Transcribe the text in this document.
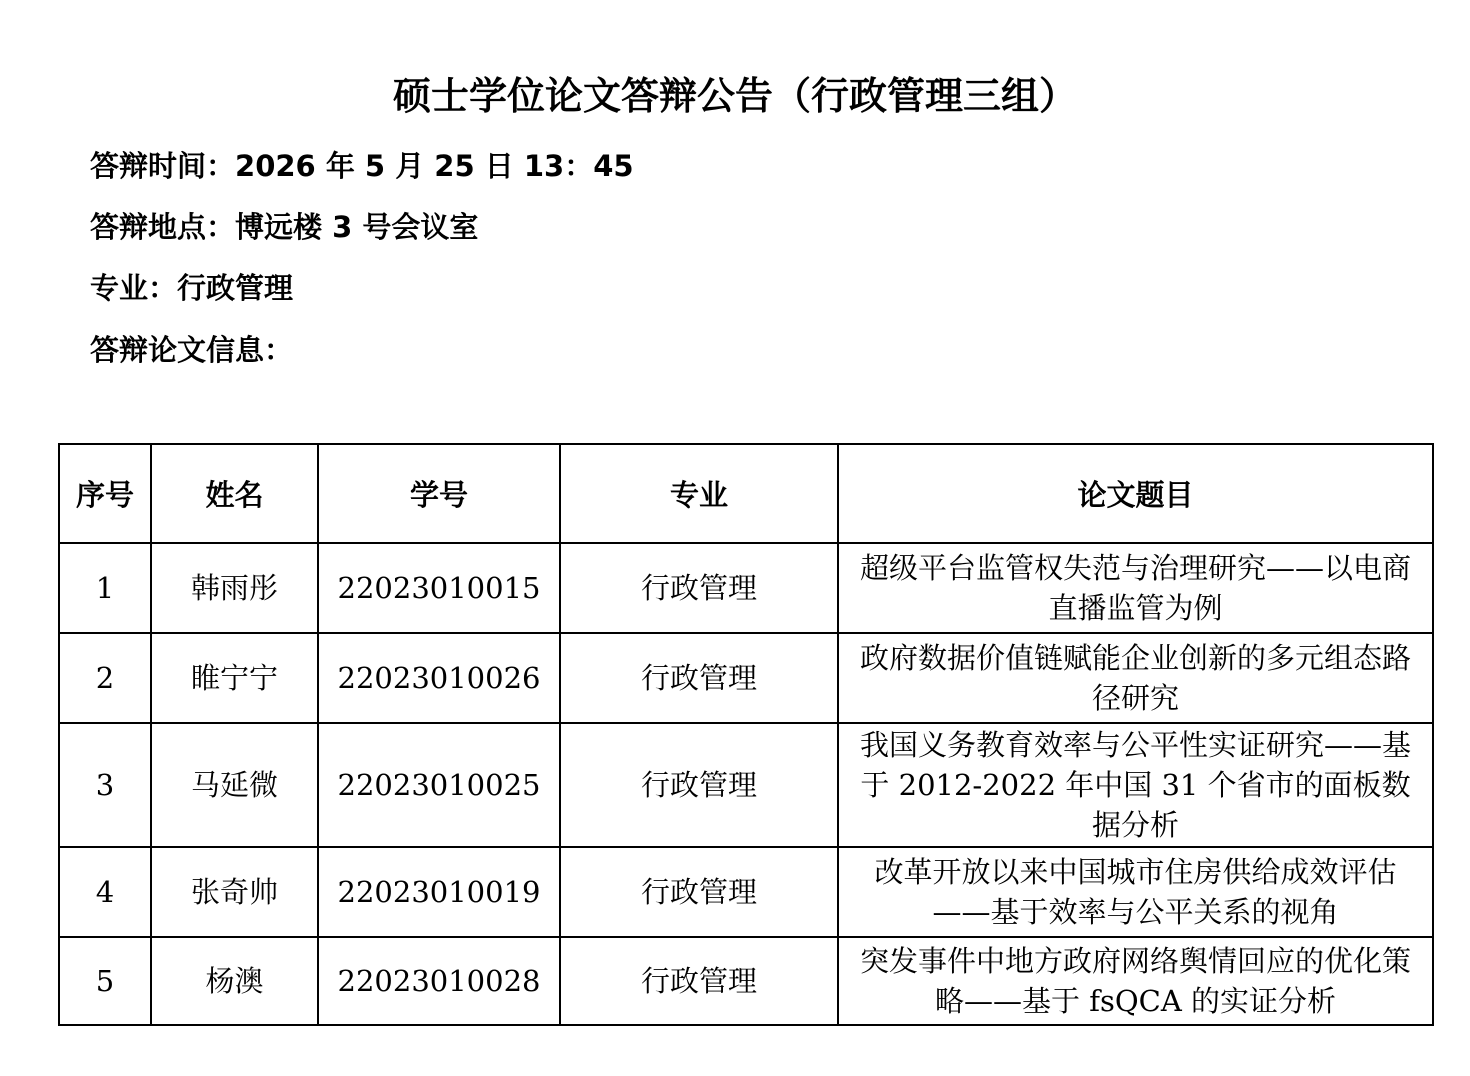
硕士学位论文答辩公告（行政管理三组）
答辩时间：2026 年 5 月 25 日 13：45
答辩地点：博远楼 3 号会议室
专业：行政管理
答辩论文信息：
序号	姓名	学号	专业	论文题目
1	韩雨彤	22023010015	行政管理	超级平台监管权失范与治理研究——以电商直播监管为例
2	睢宁宁	22023010026	行政管理	政府数据价值链赋能企业创新的多元组态路径研究
3	马延微	22023010025	行政管理	我国义务教育效率与公平性实证研究——基于 2012-2022 年中国 31 个省市的面板数据分析
4	张奇帅	22023010019	行政管理	改革开放以来中国城市住房供给成效评估——基于效率与公平关系的视角
5	杨澳	22023010028	行政管理	突发事件中地方政府网络舆情回应的优化策略——基于 fsQCA 的实证分析
